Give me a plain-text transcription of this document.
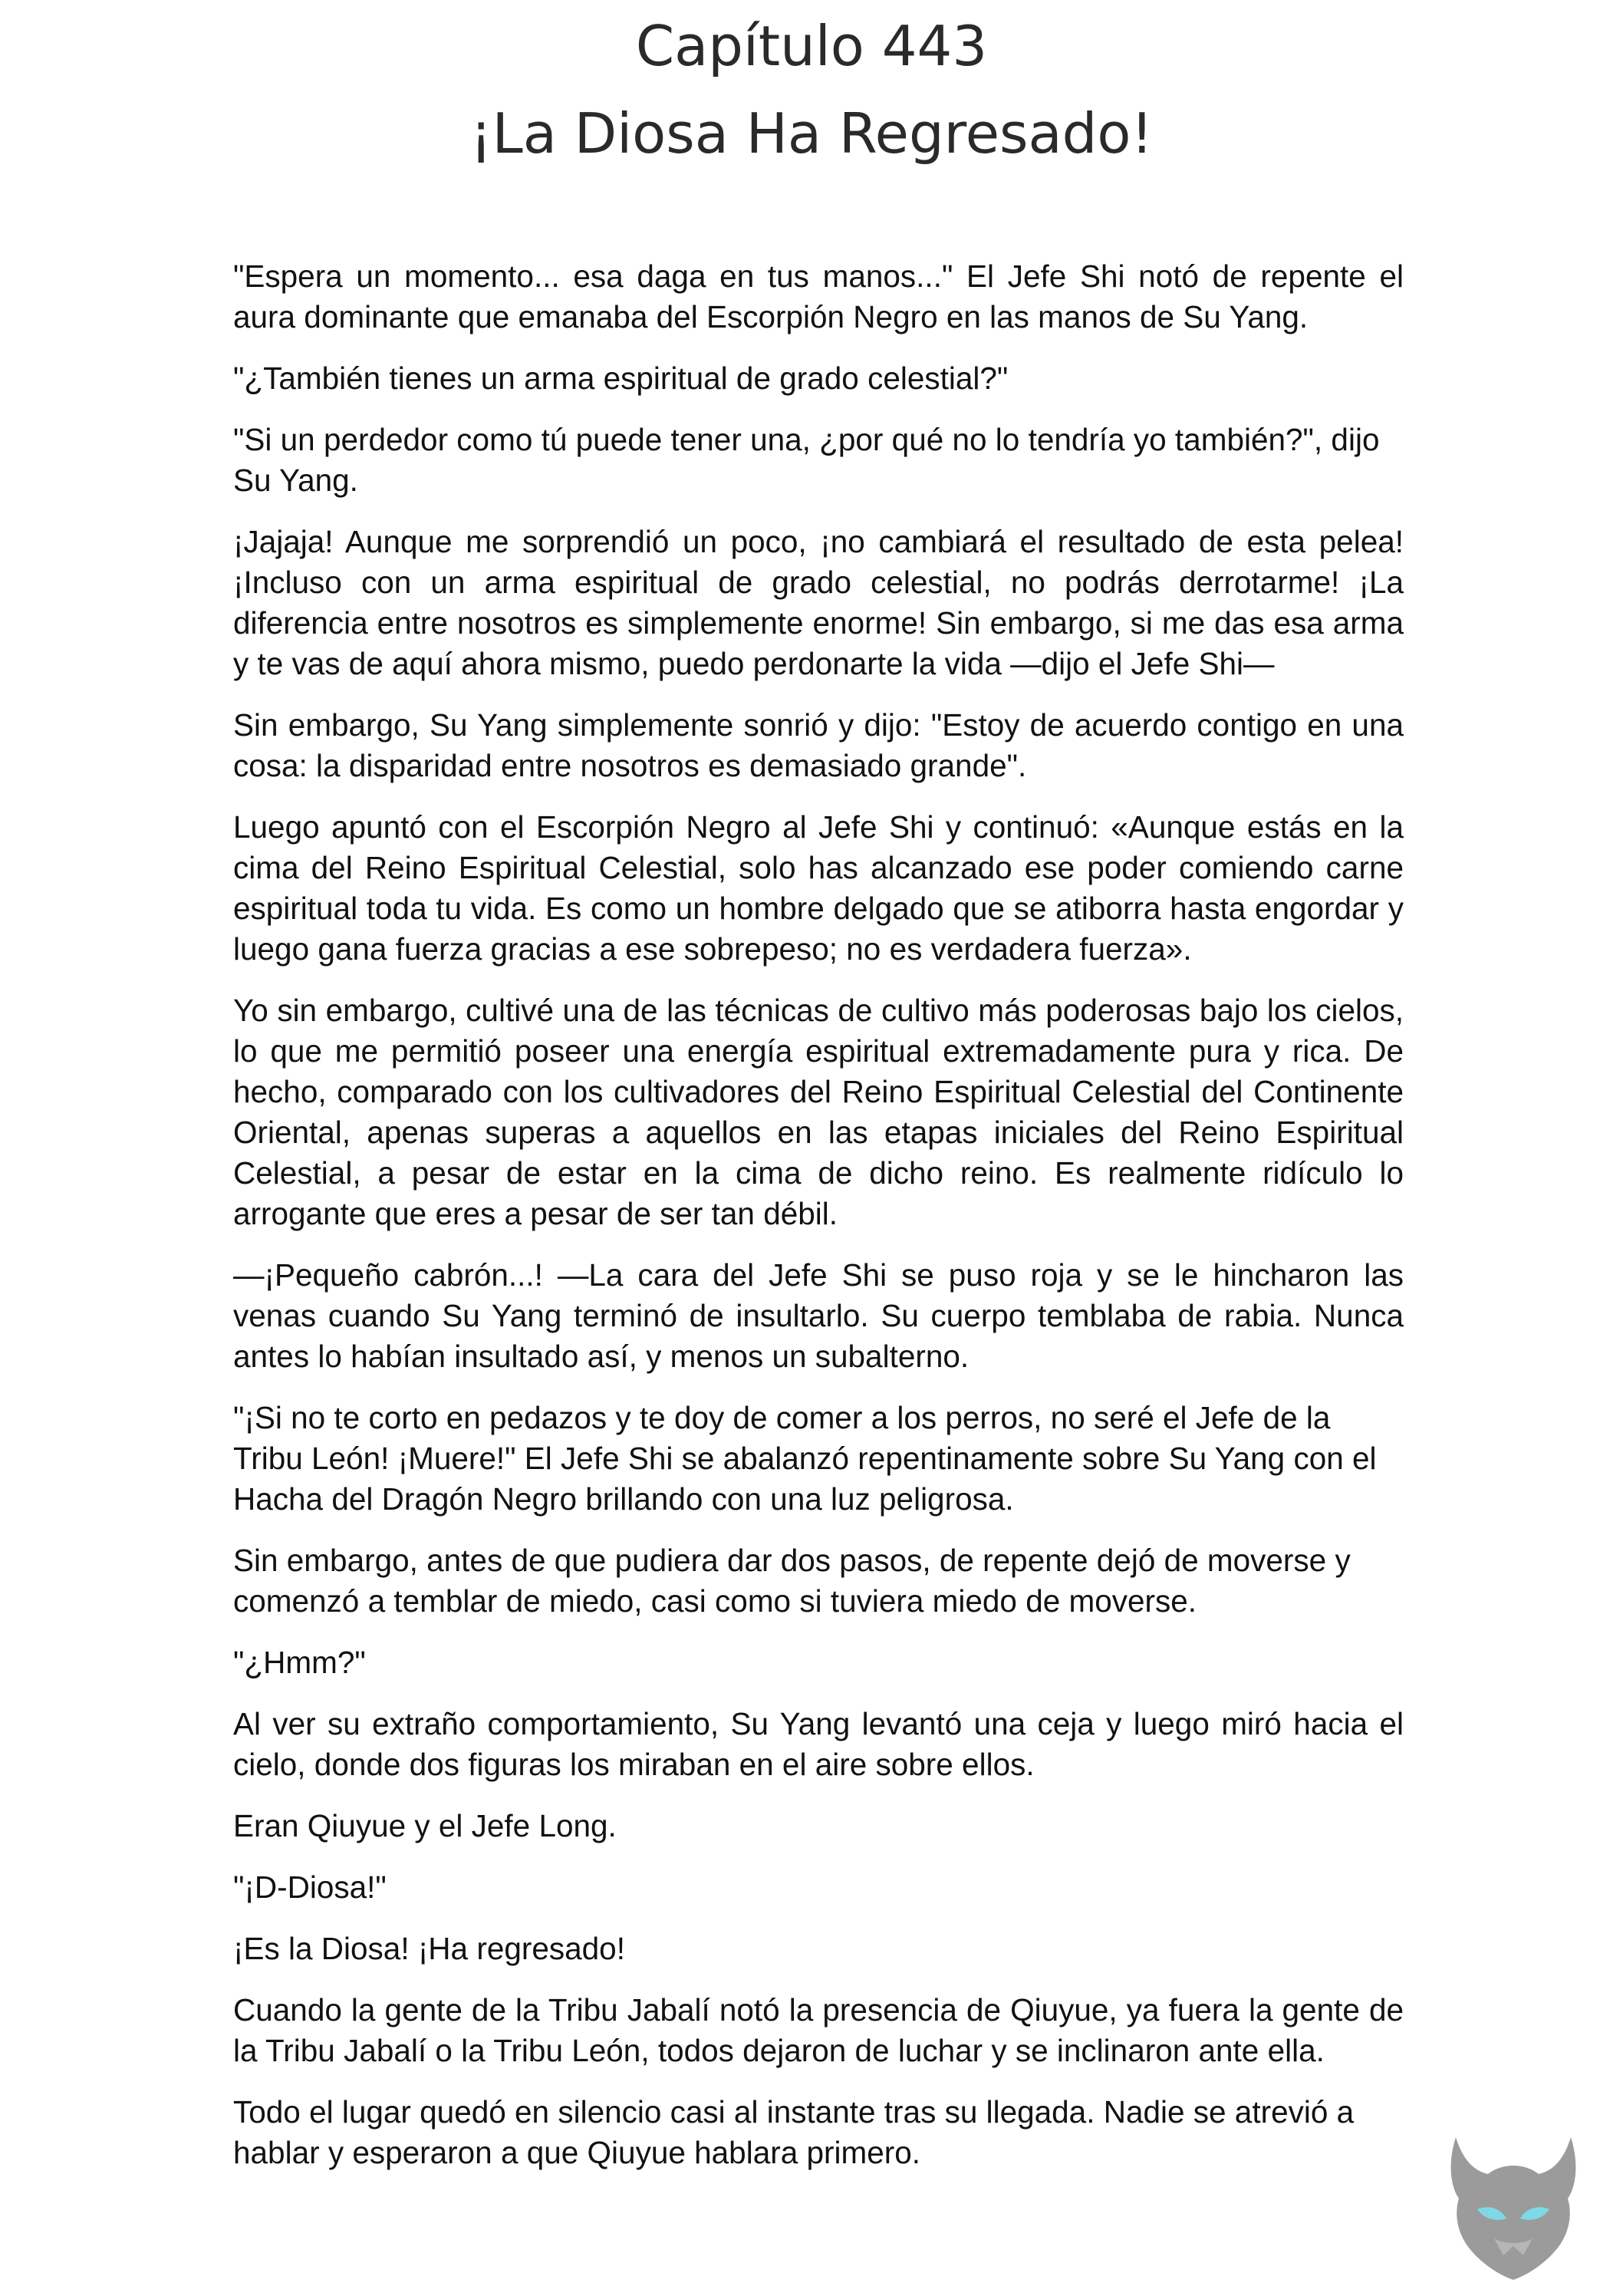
Capítulo 443
¡La Diosa Ha Regresado!

"Espera un momento... esa daga en tus manos..." El Jefe Shi notó de repente el aura dominante que emanaba del Escorpión Negro en las manos de Su Yang.

"¿También tienes un arma espiritual de grado celestial?"

"Si un perdedor como tú puede tener una, ¿por qué no lo tendría yo también?", dijo Su Yang.

¡Jajaja! Aunque me sorprendió un poco, ¡no cambiará el resultado de esta pelea! ¡Incluso con un arma espiritual de grado celestial, no podrás derrotarme! ¡La diferencia entre nosotros es simplemente enorme! Sin embargo, si me das esa arma y te vas de aquí ahora mismo, puedo perdonarte la vida —dijo el Jefe Shi—

Sin embargo, Su Yang simplemente sonrió y dijo: "Estoy de acuerdo contigo en una cosa: la disparidad entre nosotros es demasiado grande".

Luego apuntó con el Escorpión Negro al Jefe Shi y continuó: «Aunque estás en la cima del Reino Espiritual Celestial, solo has alcanzado ese poder comiendo carne espiritual toda tu vida. Es como un hombre delgado que se atiborra hasta engordar y luego gana fuerza gracias a ese sobrepeso; no es verdadera fuerza».

Yo sin embargo, cultivé una de las técnicas de cultivo más poderosas bajo los cielos, lo que me permitió poseer una energía espiritual extremadamente pura y rica. De hecho, comparado con los cultivadores del Reino Espiritual Celestial del Continente Oriental, apenas superas a aquellos en las etapas iniciales del Reino Espiritual Celestial, a pesar de estar en la cima de dicho reino. Es realmente ridículo lo arrogante que eres a pesar de ser tan débil.

—¡Pequeño cabrón...! —La cara del Jefe Shi se puso roja y se le hincharon las venas cuando Su Yang terminó de insultarlo. Su cuerpo temblaba de rabia. Nunca antes lo habían insultado así, y menos un subalterno.

"¡Si no te corto en pedazos y te doy de comer a los perros, no seré el Jefe de la Tribu León! ¡Muere!" El Jefe Shi se abalanzó repentinamente sobre Su Yang con el Hacha del Dragón Negro brillando con una luz peligrosa.

Sin embargo, antes de que pudiera dar dos pasos, de repente dejó de moverse y comenzó a temblar de miedo, casi como si tuviera miedo de moverse.

"¿Hmm?"

Al ver su extraño comportamiento, Su Yang levantó una ceja y luego miró hacia el cielo, donde dos figuras los miraban en el aire sobre ellos.

Eran Qiuyue y el Jefe Long.

"¡D-Diosa!"

¡Es la Diosa! ¡Ha regresado!

Cuando la gente de la Tribu Jabalí notó la presencia de Qiuyue, ya fuera la gente de la Tribu Jabalí o la Tribu León, todos dejaron de luchar y se inclinaron ante ella.

Todo el lugar quedó en silencio casi al instante tras su llegada. Nadie se atrevió a hablar y esperaron a que Qiuyue hablara primero.
